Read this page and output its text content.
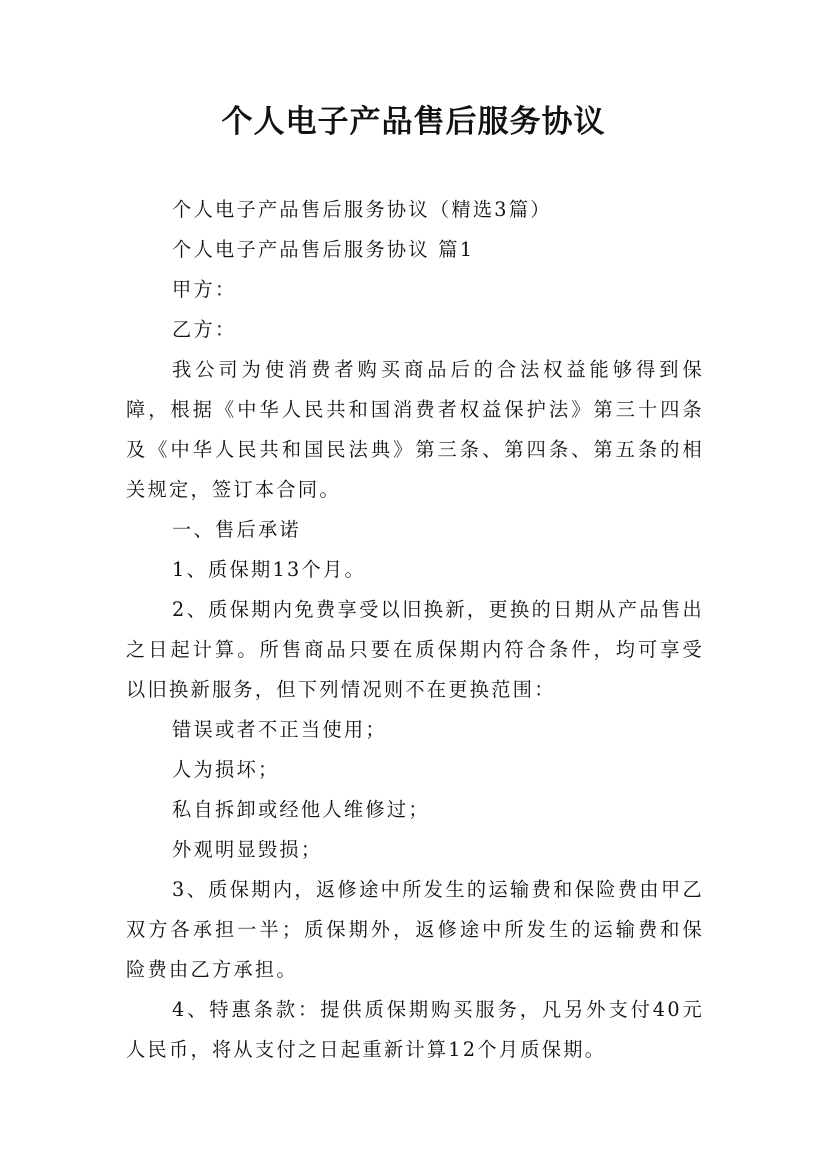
个人电子产品售后服务协议
个人电子产品售后服务协议（精选3篇）
个人电子产品售后服务协议 篇1
甲方：
乙方：

我公司为使消费者购买商品后的合法权益能够得到保障，根据《中华人民共和国消费者权益保护法》第三十四条及《中华人民共和国民法典》第三条、第四条、第五条的相关规定，签订本合同。

一、售后承诺
1、质保期13个月。

2、质保期内免费享受以旧换新，更换的日期从产品售出之日起计算。所售商品只要在质保期内符合条件，均可享受以旧换新服务，但下列情况则不在更换范围：

错误或者不正当使用；
人为损坏；
私自拆卸或经他人维修过；
外观明显毁损；

3、质保期内，返修途中所发生的运输费和保险费由甲乙双方各承担一半；质保期外，返修途中所发生的运输费和保险费由乙方承担。

4、特惠条款：提供质保期购买服务，凡另外支付40元人民币，将从支付之日起重新计算12个月质保期。
